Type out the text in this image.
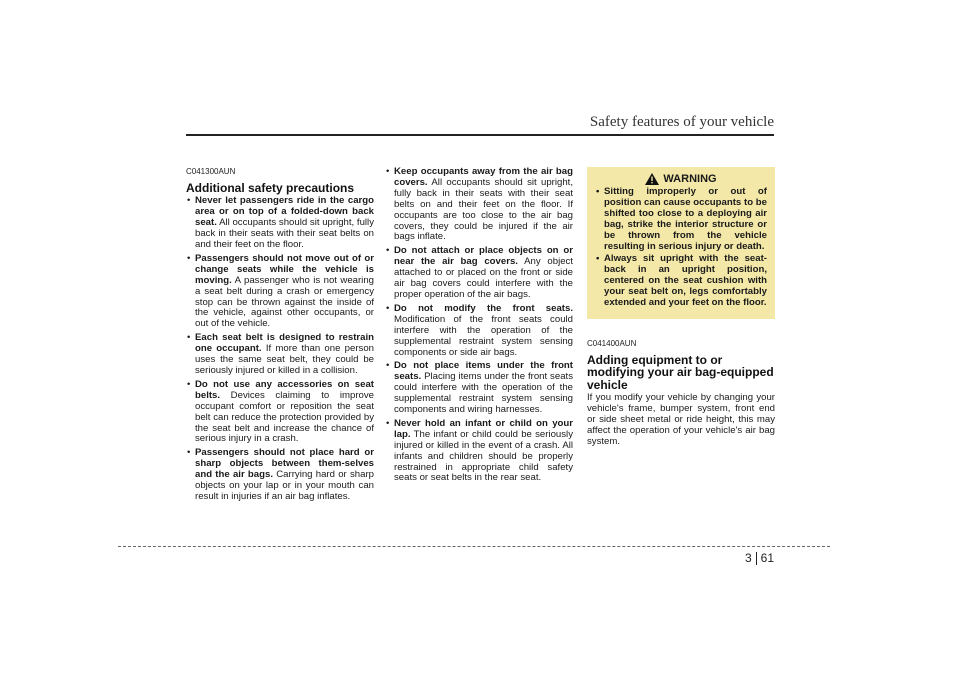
Safety features of your vehicle
C041300AUN
Additional safety precautions
• Never let passengers ride in the cargo area or on top of a folded-down back seat. All occupants should sit upright, fully back in their seats with their seat belts on and their feet on the floor.
• Passengers should not move out of or change seats while the vehicle is moving. A passenger who is not wearing a seat belt during a crash or emergency stop can be thrown against the inside of the vehicle, against other occupants, or out of the vehicle.
• Each seat belt is designed to restrain one occupant. If more than one person uses the same seat belt, they could be seriously injured or killed in a collision.
• Do not use any accessories on seat belts. Devices claiming to improve occupant comfort or reposition the seat belt can reduce the protection provided by the seat belt and increase the chance of serious injury in a crash.
• Passengers should not place hard or sharp objects between them-selves and the air bags. Carrying hard or sharp objects on your lap or in your mouth can result in injuries if an air bag inflates.
• Keep occupants away from the air bag covers. All occupants should sit upright, fully back in their seats with their seat belts on and their feet on the floor. If occupants are too close to the air bag covers, they could be injured if the air bags inflate.
• Do not attach or place objects on or near the air bag covers. Any object attached to or placed on the front or side air bag covers could interfere with the proper operation of the air bags.
• Do not modify the front seats. Modification of the front seats could interfere with the operation of the supplemental restraint system sensing components or side air bags.
• Do not place items under the front seats. Placing items under the front seats could interfere with the operation of the supplemental restraint system sensing components and wiring harnesses.
• Never hold an infant or child on your lap. The infant or child could be seriously injured or killed in the event of a crash. All infants and children should be properly restrained in appropriate child safety seats or seat belts in the rear seat.
WARNING
• Sitting improperly or out of position can cause occupants to be shifted too close to a deploying air bag, strike the interior structure or be thrown from the vehicle resulting in serious injury or death.
• Always sit upright with the seat-back in an upright position, centered on the seat cushion with your seat belt on, legs comfortably extended and your feet on the floor.
C041400AUN
Adding equipment to or modifying your air bag-equipped vehicle

If you modify your vehicle by changing your vehicle's frame, bumper system, front end or side sheet metal or ride height, this may affect the operation of your vehicle's air bag system.

3 61
